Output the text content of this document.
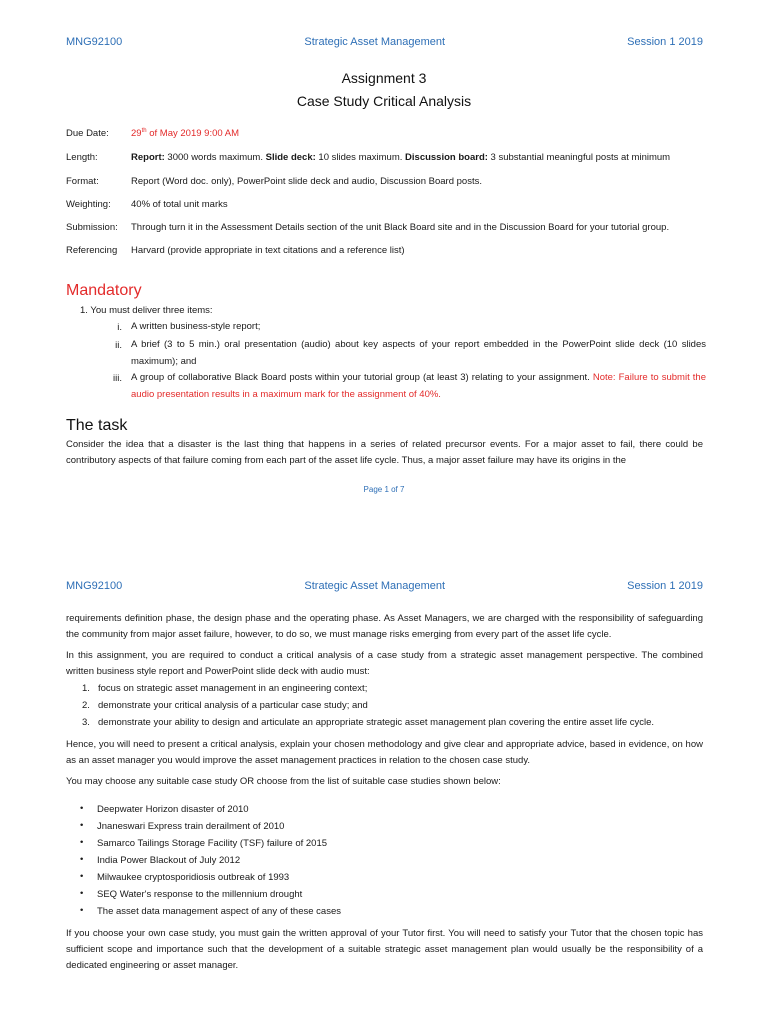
MNG92100	Strategic Asset Management	Session 1 2019
Assignment 3
Case Study Critical Analysis
Due Date:	29th of May 2019 9:00 AM
Length:	Report: 3000 words maximum. Slide deck: 10 slides maximum. Discussion board: 3 substantial meaningful posts at minimum
Format:	Report (Word doc. only), PowerPoint slide deck and audio, Discussion Board posts.
Weighting:	40% of total unit marks
Submission:	Through turn it in the Assessment Details section of the unit Black Board site and in the Discussion Board for your tutorial group.
Referencing	Harvard (provide appropriate in text citations and a reference list)
Mandatory
1. You must deliver three items:
i. A written business-style report;
ii. A brief (3 to 5 min.) oral presentation (audio) about key aspects of your report embedded in the PowerPoint slide deck (10 slides maximum); and
iii. A group of collaborative Black Board posts within your tutorial group (at least 3) relating to your assignment. Note: Failure to submit the audio presentation results in a maximum mark for the assignment of 40%.
The task
Consider the idea that a disaster is the last thing that happens in a series of related precursor events. For a major asset to fail, there could be contributory aspects of that failure coming from each part of the asset life cycle. Thus, a major asset failure may have its origins in the
Page 1 of 7
MNG92100	Strategic Asset Management	Session 1 2019
requirements definition phase, the design phase and the operating phase. As Asset Managers, we are charged with the responsibility of safeguarding the community from major asset failure, however, to do so, we must manage risks emerging from every part of the asset life cycle.
In this assignment, you are required to conduct a critical analysis of a case study from a strategic asset management perspective. The combined written business style report and PowerPoint slide deck with audio must:
1. focus on strategic asset management in an engineering context;
2. demonstrate your critical analysis of a particular case study; and
3. demonstrate your ability to design and articulate an appropriate strategic asset management plan covering the entire asset life cycle.
Hence, you will need to present a critical analysis, explain your chosen methodology and give clear and appropriate advice, based in evidence, on how as an asset manager you would improve the asset management practices in relation to the chosen case study.
You may choose any suitable case study OR choose from the list of suitable case studies shown below:
• Deepwater Horizon disaster of 2010
• Jnaneswari Express train derailment of 2010
• Samarco Tailings Storage Facility (TSF) failure of 2015
• India Power Blackout of July 2012
• Milwaukee cryptosporidiosis outbreak of 1993
• SEQ Water's response to the millennium drought
• The asset data management aspect of any of these cases
If you choose your own case study, you must gain the written approval of your Tutor first. You will need to satisfy your Tutor that the chosen topic has sufficient scope and importance such that the development of a suitable strategic asset management plan would usually be the responsibility of a dedicated engineering or asset manager.
